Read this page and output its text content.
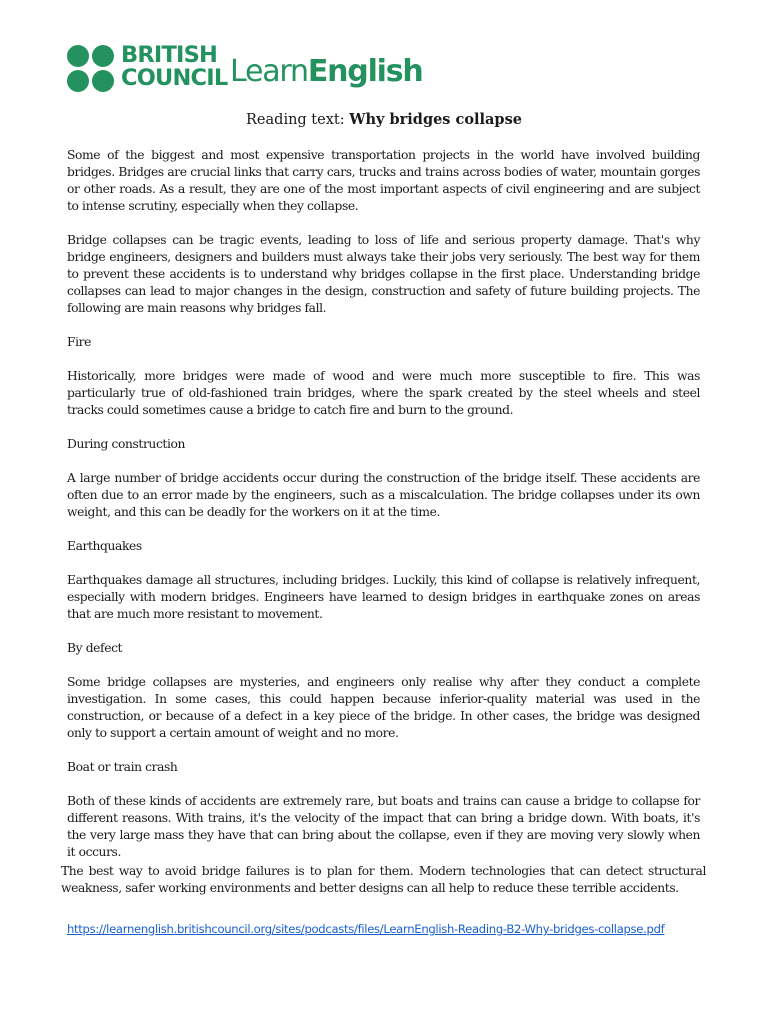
BRITISH
COUNCIL LearnEnglish
Reading text: Why bridges collapse

Some of the biggest and most expensive transportation projects in the world have involved building bridges. Bridges are crucial links that carry cars, trucks and trains across bodies of water, mountain gorges or other roads. As a result, they are one of the most important aspects of civil engineering and are subject to intense scrutiny, especially when they collapse.

Bridge collapses can be tragic events, leading to loss of life and serious property damage. That's why bridge engineers, designers and builders must always take their jobs very seriously. The best way for them to prevent these accidents is to understand why bridges collapse in the first place. Understanding bridge collapses can lead to major changes in the design, construction and safety of future building projects. The following are main reasons why bridges fall.

Fire

Historically, more bridges were made of wood and were much more susceptible to fire. This was particularly true of old-fashioned train bridges, where the spark created by the steel wheels and steel tracks could sometimes cause a bridge to catch fire and burn to the ground.

During construction

A large number of bridge accidents occur during the construction of the bridge itself. These accidents are often due to an error made by the engineers, such as a miscalculation. The bridge collapses under its own weight, and this can be deadly for the workers on it at the time.

Earthquakes

Earthquakes damage all structures, including bridges. Luckily, this kind of collapse is relatively infrequent, especially with modern bridges. Engineers have learned to design bridges in earthquake zones on areas that are much more resistant to movement.

By defect

Some bridge collapses are mysteries, and engineers only realise why after they conduct a complete investigation. In some cases, this could happen because inferior-quality material was used in the construction, or because of a defect in a key piece of the bridge. In other cases, the bridge was designed only to support a certain amount of weight and no more.

Boat or train crash

Both of these kinds of accidents are extremely rare, but boats and trains can cause a bridge to collapse for different reasons. With trains, it's the velocity of the impact that can bring a bridge down. With boats, it's the very large mass they have that can bring about the collapse, even if they are moving very slowly when it occurs.

The best way to avoid bridge failures is to plan for them. Modern technologies that can detect structural weakness, safer working environments and better designs can all help to reduce these terrible accidents.

https://learnenglish.britishcouncil.org/sites/podcasts/files/LearnEnglish-Reading-B2-Why-bridges-collapse.pdf
